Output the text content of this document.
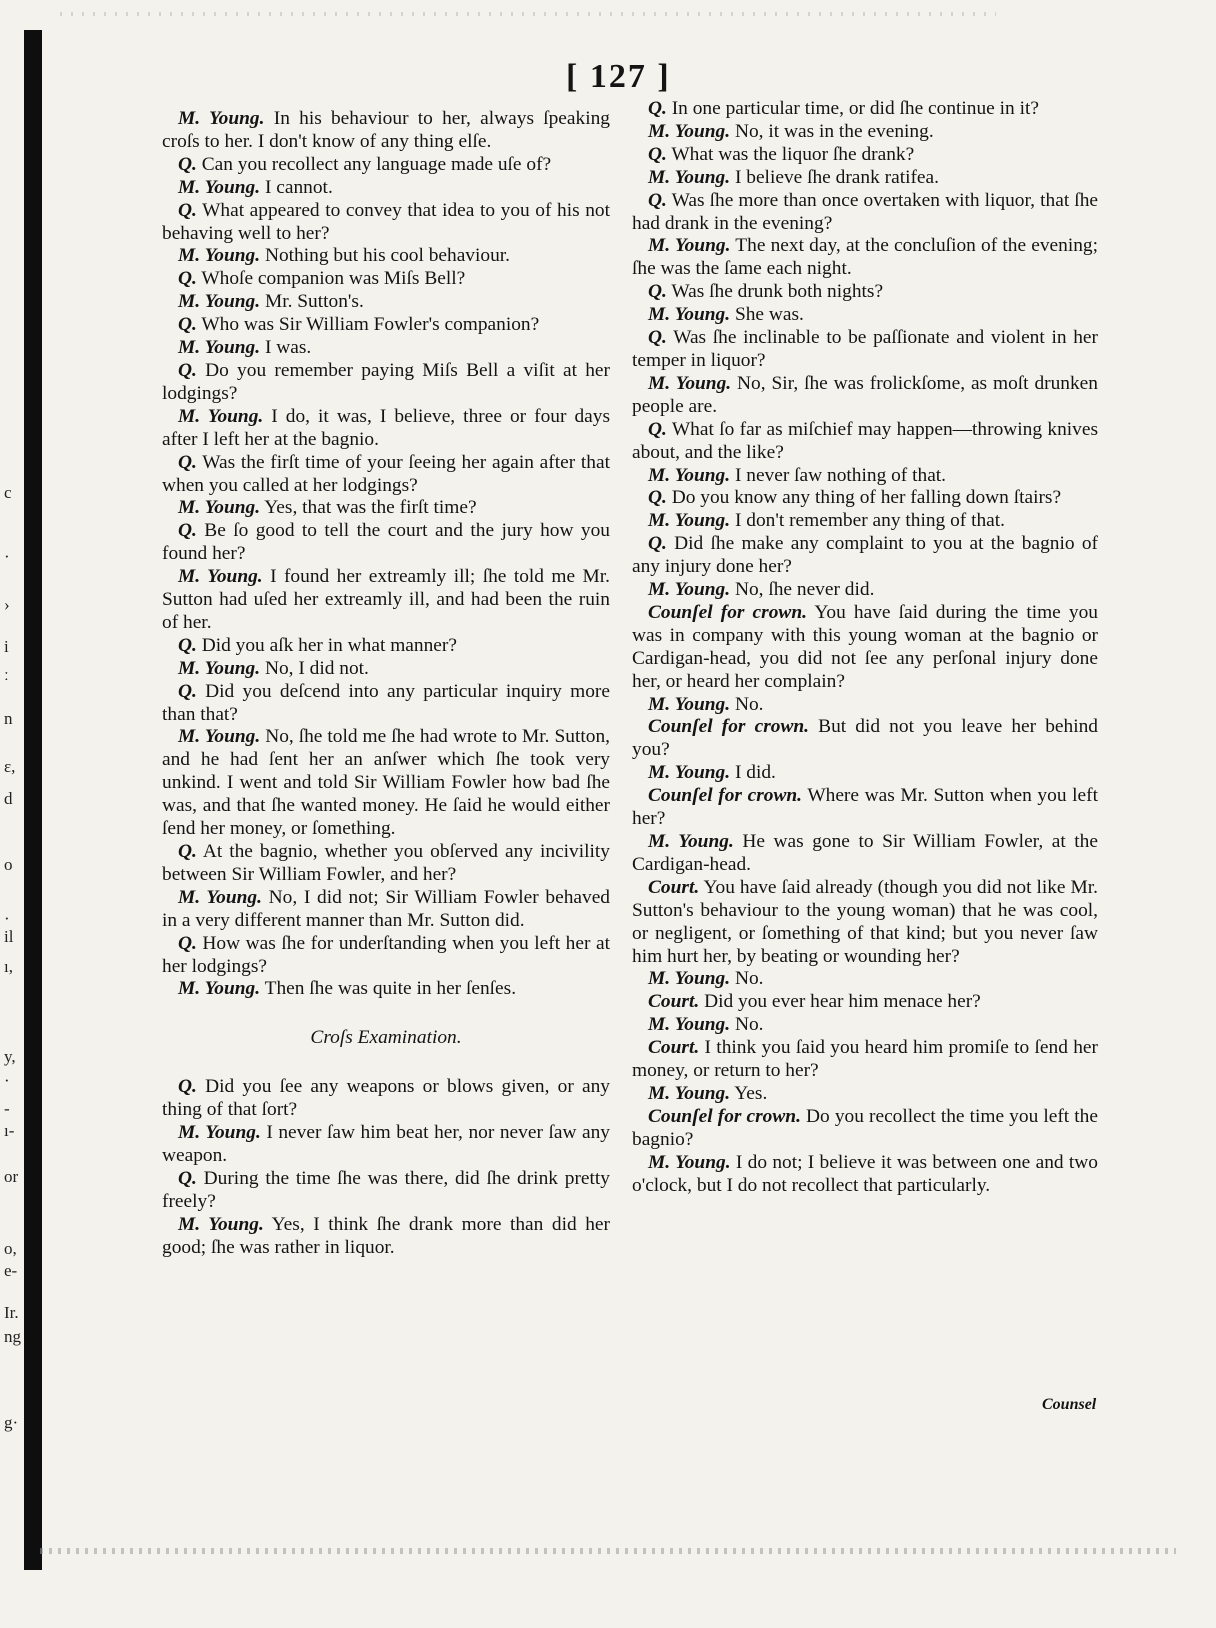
c
·
›
i
ː
n
ɛ,
d
o
·
il
ı,
y,
·
-
ı-
or
o,
e-
Ir.
ng
g·
[ 127 ]

M. Young. In his behaviour to her, always ſpeaking croſs to her. I don't know of any thing elſe.

Q. Can you recollect any language made uſe of?

M. Young. I cannot.

Q. What appeared to convey that idea to you of his not behaving well to her?

M. Young. Nothing but his cool behaviour.

Q. Whoſe companion was Miſs Bell?

M. Young. Mr. Sutton's.

Q. Who was Sir William Fowler's companion?

M. Young. I was.

Q. Do you remember paying Miſs Bell a viſit at her lodgings?

M. Young. I do, it was, I believe, three or four days after I left her at the bagnio.

Q. Was the firſt time of your ſeeing her again after that when you called at her lodgings?

M. Young. Yes, that was the firſt time?

Q. Be ſo good to tell the court and the jury how you found her?

M. Young. I found her extreamly ill; ſhe told me Mr. Sutton had uſed her extreamly ill, and had been the ruin of her.

Q. Did you aſk her in what manner?

M. Young. No, I did not.

Q. Did you deſcend into any particular inquiry more than that?

M. Young. No, ſhe told me ſhe had wrote to Mr. Sutton, and he had ſent her an anſwer which ſhe took very unkind. I went and told Sir William Fowler how bad ſhe was, and that ſhe wanted money. He ſaid he would either ſend her money, or ſomething.

Q. At the bagnio, whether you obſerved any incivility between Sir William Fowler, and her?

M. Young. No, I did not; Sir William Fowler behaved in a very different manner than Mr. Sutton did.

Q. How was ſhe for underſtanding when you left her at her lodgings?

M. Young. Then ſhe was quite in her ſenſes.

Croſs Examination.

Q. Did you ſee any weapons or blows given, or any thing of that ſort?

M. Young. I never ſaw him beat her, nor never ſaw any weapon.

Q. During the time ſhe was there, did ſhe drink pretty freely?

M. Young. Yes, I think ſhe drank more than did her good; ſhe was rather in liquor.

Q. In one particular time, or did ſhe continue in it?

M. Young. No, it was in the evening.

Q. What was the liquor ſhe drank?

M. Young. I believe ſhe drank ratifea.

Q. Was ſhe more than once overtaken with liquor, that ſhe had drank in the evening?

M. Young. The next day, at the concluſion of the evening; ſhe was the ſame each night.

Q. Was ſhe drunk both nights?

M. Young. She was.

Q. Was ſhe inclinable to be paſſionate and violent in her temper in liquor?

M. Young. No, Sir, ſhe was frolickſome, as moſt drunken people are.

Q. What ſo far as miſchief may happen—throwing knives about, and the like?

M. Young. I never ſaw nothing of that.

Q. Do you know any thing of her falling down ſtairs?

M. Young. I don't remember any thing of that.

Q. Did ſhe make any complaint to you at the bagnio of any injury done her?

M. Young. No, ſhe never did.

Counſel for crown. You have ſaid during the time you was in company with this young woman at the bagnio or Cardigan-head, you did not ſee any perſonal injury done her, or heard her complain?

M. Young. No.

Counſel for crown. But did not you leave her behind you?

M. Young. I did.

Counſel for crown. Where was Mr. Sutton when you left her?

M. Young. He was gone to Sir William Fowler, at the Cardigan-head.

Court. You have ſaid already (though you did not like Mr. Sutton's behaviour to the young woman) that he was cool, or negligent, or ſomething of that kind; but you never ſaw him hurt her, by beating or wounding her?

M. Young. No.

Court. Did you ever hear him menace her?

M. Young. No.

Court. I think you ſaid you heard him promiſe to ſend her money, or return to her?

M. Young. Yes.

Counſel for crown. Do you recollect the time you left the bagnio?

M. Young. I do not; I believe it was between one and two o'clock, but I do not recollect that particularly.

Counsel
